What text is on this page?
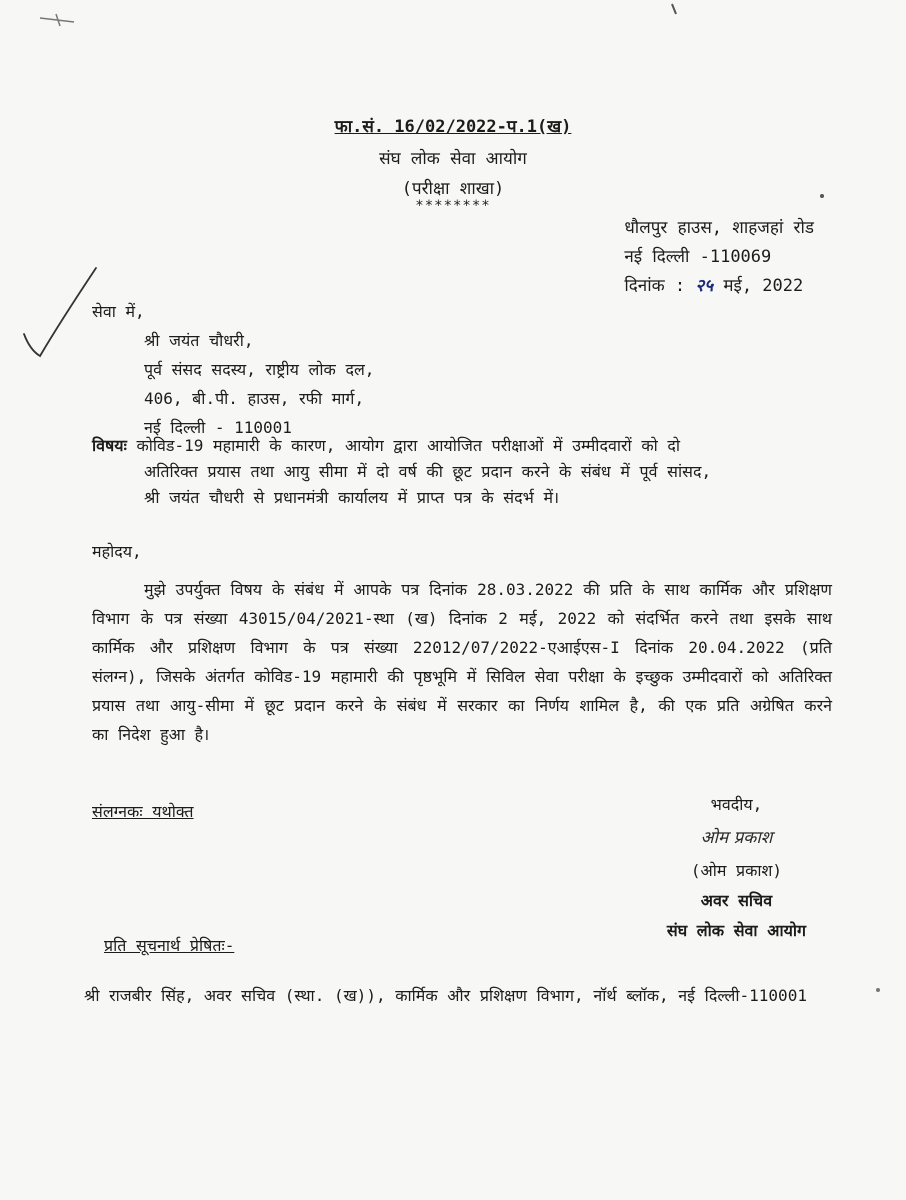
फा.सं. 16/02/2022-प.1(ख)

संघ लोक सेवा आयोग

(परीक्षा शाखा)

********

धौलपुर हाउस, शाहजहां रोड
नई दिल्ली -110069
दिनांक : २५ मई, 2022
सेवा में,
श्री जयंत चौधरी,
पूर्व संसद सदस्य, राष्ट्रीय लोक दल,
406, बी.पी. हाउस, रफी मार्ग,
नई दिल्ली - 110001
विषयः कोविड-19 महामारी के कारण, आयोग द्वारा आयोजित परीक्षाओं में उम्मीदवारों को दो
अतिरिक्त प्रयास तथा आयु सीमा में दो वर्ष की छूट प्रदान करने के संबंध में पूर्व सांसद,
श्री जयंत चौधरी से प्रधानमंत्री कार्यालय में प्राप्त पत्र के संदर्भ में।

महोदय,

मुझे उपर्युक्त विषय के संबंध में आपके पत्र दिनांक 28.03.2022 की प्रति के साथ कार्मिक और प्रशिक्षण विभाग के पत्र संख्या 43015/04/2021-स्था (ख) दिनांक 2 मई, 2022 को संदर्भित करने तथा इसके साथ कार्मिक और प्रशिक्षण विभाग के पत्र संख्या 22012/07/2022-एआईएस-I दिनांक 20.04.2022 (प्रति संलग्न), जिसके अंतर्गत कोविड-19 महामारी की पृष्ठभूमि में सिविल सेवा परीक्षा के इच्छुक उम्मीदवारों को अतिरिक्त प्रयास तथा आयु-सीमा में छूट प्रदान करने के संबंध में सरकार का निर्णय शामिल है, की एक प्रति अग्रेषित करने का निदेश हुआ है।

संलग्नकः यथोक्त	भवदीय,
ओम प्रकाश
(ओम प्रकाश)
अवर सचिव
संघ लोक सेवा आयोग

प्रति सूचनार्थ प्रेषितः-

श्री राजबीर सिंह, अवर सचिव (स्था. (ख)), कार्मिक और प्रशिक्षण विभाग, नॉर्थ ब्लॉक, नई दिल्ली-110001
